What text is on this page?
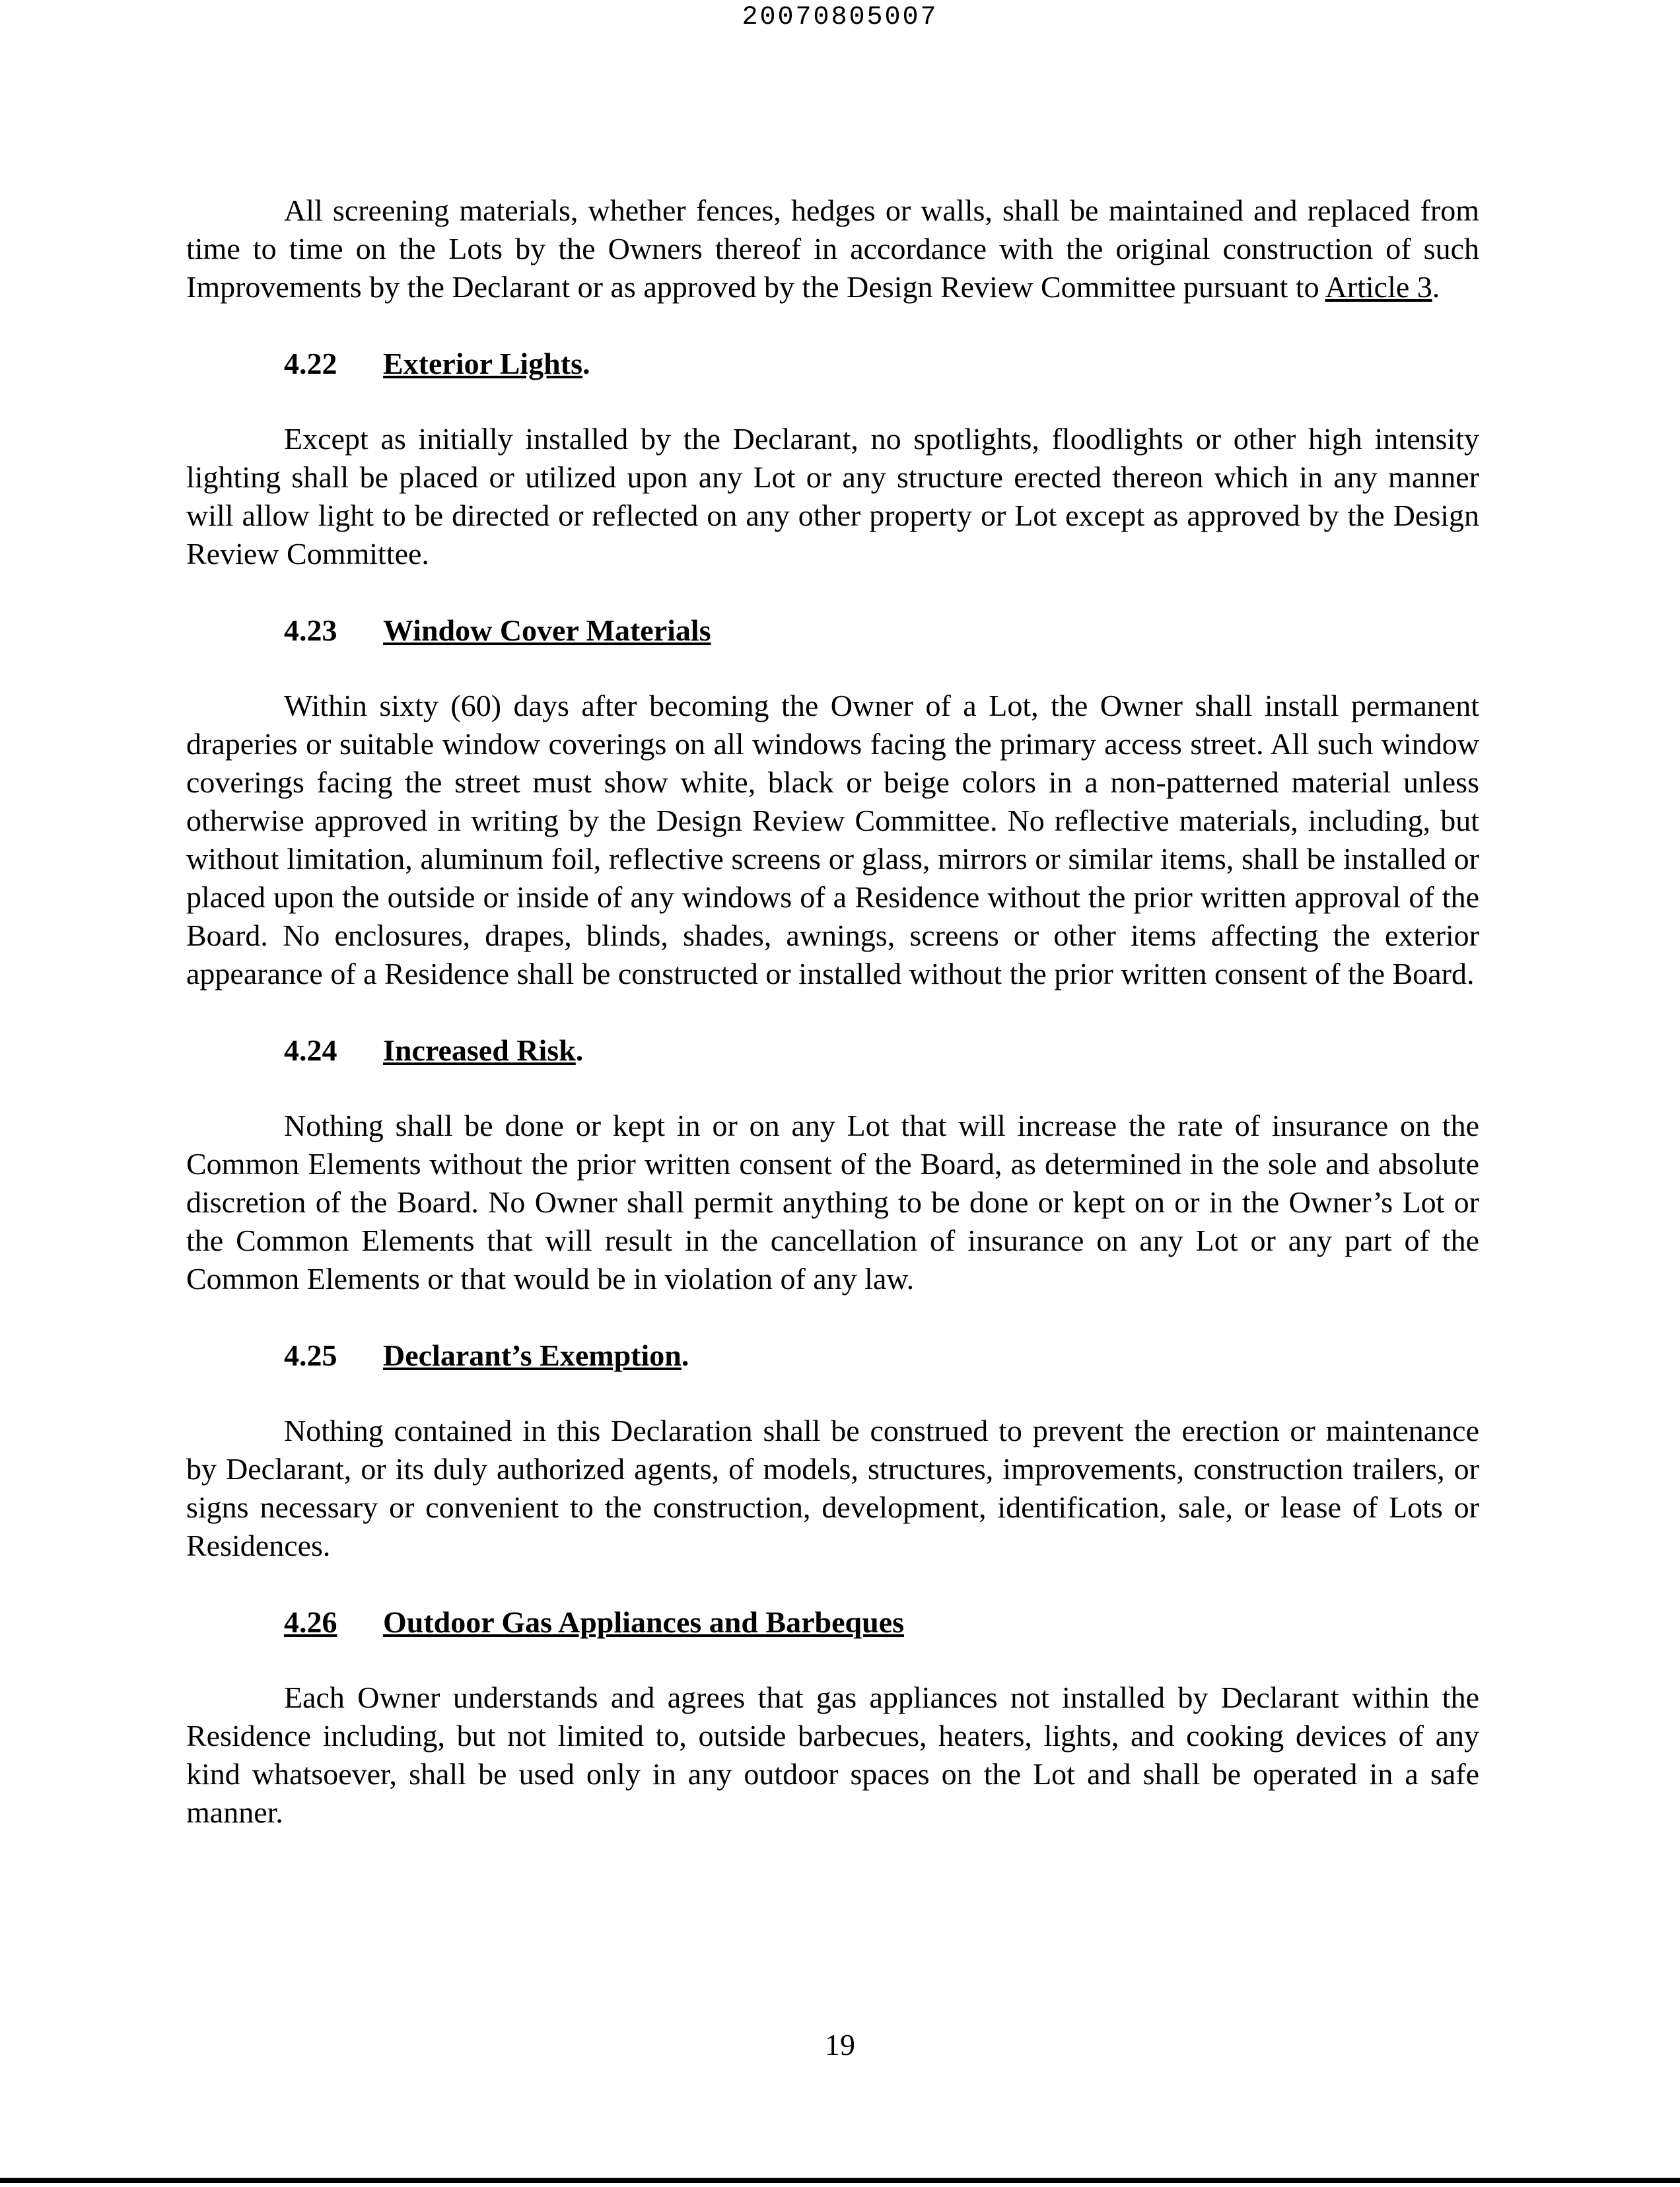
20070805007

All screening materials, whether fences, hedges or walls, shall be maintained and replaced from time to time on the Lots by the Owners thereof in accordance with the original construction of such Improvements by the Declarant or as approved by the Design Review Committee pursuant to Article 3.

4.22	Exterior Lights .

Except as initially installed by the Declarant, no spotlights, floodlights or other high intensity lighting shall be placed or utilized upon any Lot or any structure erected thereon which in any manner will allow light to be directed or reflected on any other property or Lot except as approved by the Design Review Committee.

4.23	Window Cover Materials

Within sixty (60) days after becoming the Owner of a Lot, the Owner shall install permanent draperies or suitable window coverings on all windows facing the primary access street. All such window coverings facing the street must show white, black or beige colors in a non-patterned material unless otherwise approved in writing by the Design Review Committee. No reflective materials, including, but without limitation, aluminum foil, reflective screens or glass, mirrors or similar items, shall be installed or placed upon the outside or inside of any windows of a Residence without the prior written approval of the Board. No enclosures, drapes, blinds, shades, awnings, screens or other items affecting the exterior appearance of a Residence shall be constructed or installed without the prior written consent of the Board.

4.24	Increased Risk .

Nothing shall be done or kept in or on any Lot that will increase the rate of insurance on the Common Elements without the prior written consent of the Board, as determined in the sole and absolute discretion of the Board. No Owner shall permit anything to be done or kept on or in the Owner’s Lot or the Common Elements that will result in the cancellation of insurance on any Lot or any part of the Common Elements or that would be in violation of any law.

4.25	Declarant’s Exemption .

Nothing contained in this Declaration shall be construed to prevent the erection or maintenance by Declarant, or its duly authorized agents, of models, structures, improvements, construction trailers, or signs necessary or convenient to the construction, development, identification, sale, or lease of Lots or Residences.

4.26	Outdoor Gas Appliances and Barbeques

Each Owner understands and agrees that gas appliances not installed by Declarant within the Residence including, but not limited to, outside barbecues, heaters, lights, and cooking devices of any kind whatsoever, shall be used only in any outdoor spaces on the Lot and shall be operated in a safe manner.

19
